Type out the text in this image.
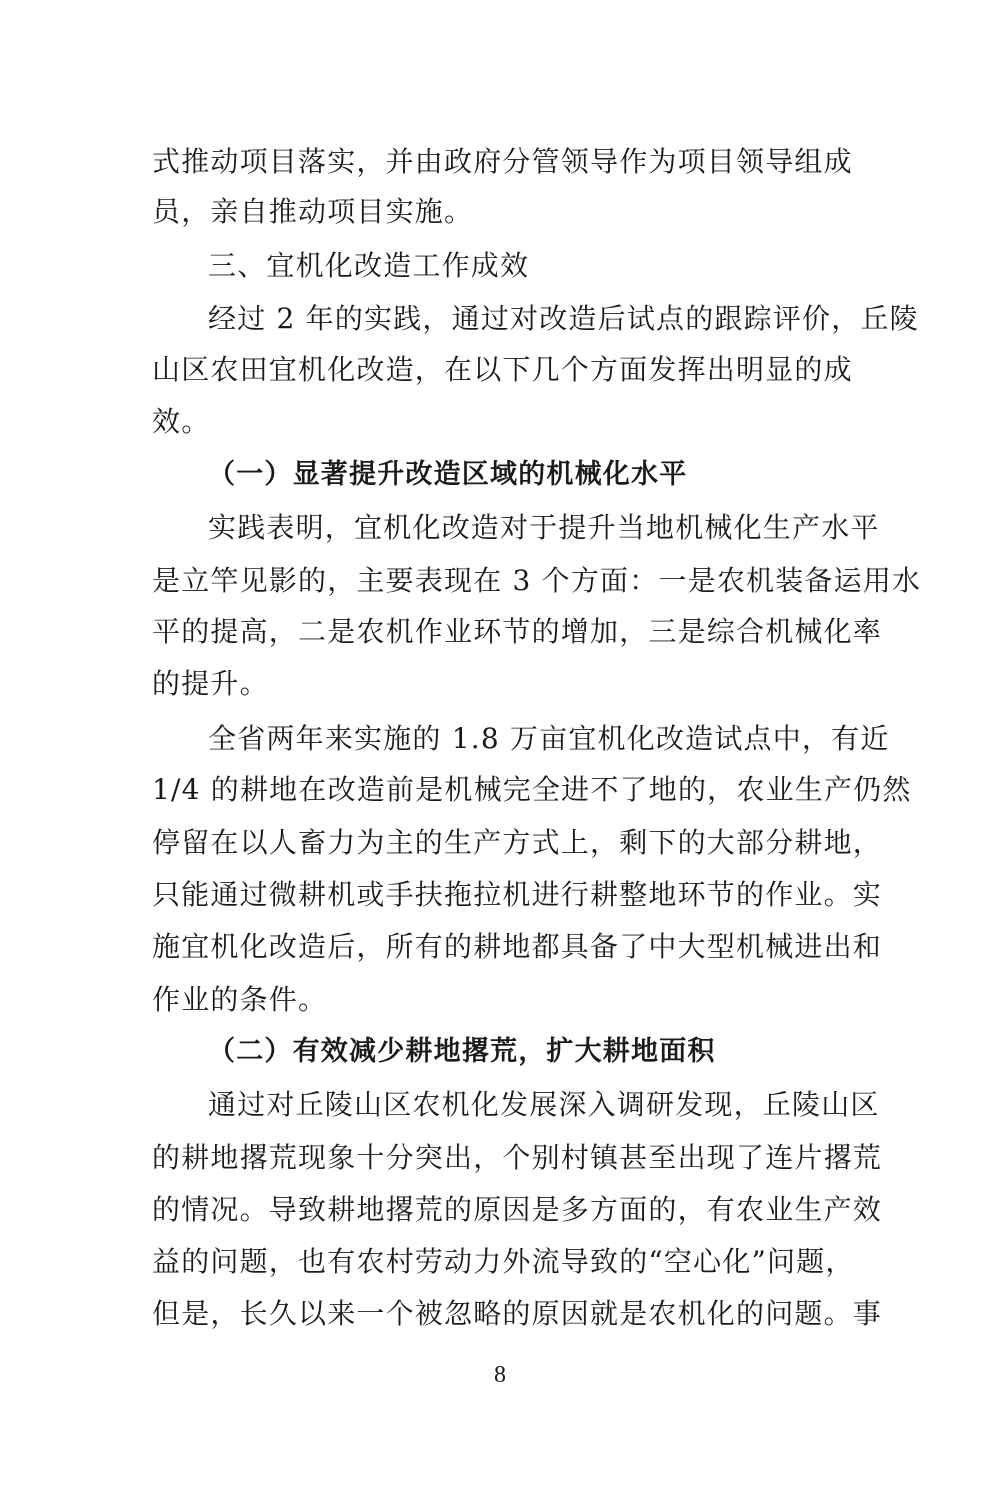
式推动项目落实，并由政府分管领导作为项目领导组成
员，亲自推动项目实施。
三、宜机化改造工作成效
经过 2 年的实践，通过对改造后试点的跟踪评价，丘陵
山区农田宜机化改造，在以下几个方面发挥出明显的成
效。
（一）显著提升改造区域的机械化水平
实践表明，宜机化改造对于提升当地机械化生产水平
是立竿见影的，主要表现在 3 个方面：一是农机装备运用水
平的提高，二是农机作业环节的增加，三是综合机械化率
的提升。
全省两年来实施的 1.8 万亩宜机化改造试点中，有近
1/4 的耕地在改造前是机械完全进不了地的，农业生产仍然
停留在以人畜力为主的生产方式上，剩下的大部分耕地，
只能通过微耕机或手扶拖拉机进行耕整地环节的作业。实
施宜机化改造后，所有的耕地都具备了中大型机械进出和
作业的条件。
（二）有效减少耕地撂荒，扩大耕地面积
通过对丘陵山区农机化发展深入调研发现，丘陵山区
的耕地撂荒现象十分突出，个别村镇甚至出现了连片撂荒
的情况。导致耕地撂荒的原因是多方面的，有农业生产效
益的问题，也有农村劳动力外流导致的“空心化”问题，
但是，长久以来一个被忽略的原因就是农机化的问题。事
8
